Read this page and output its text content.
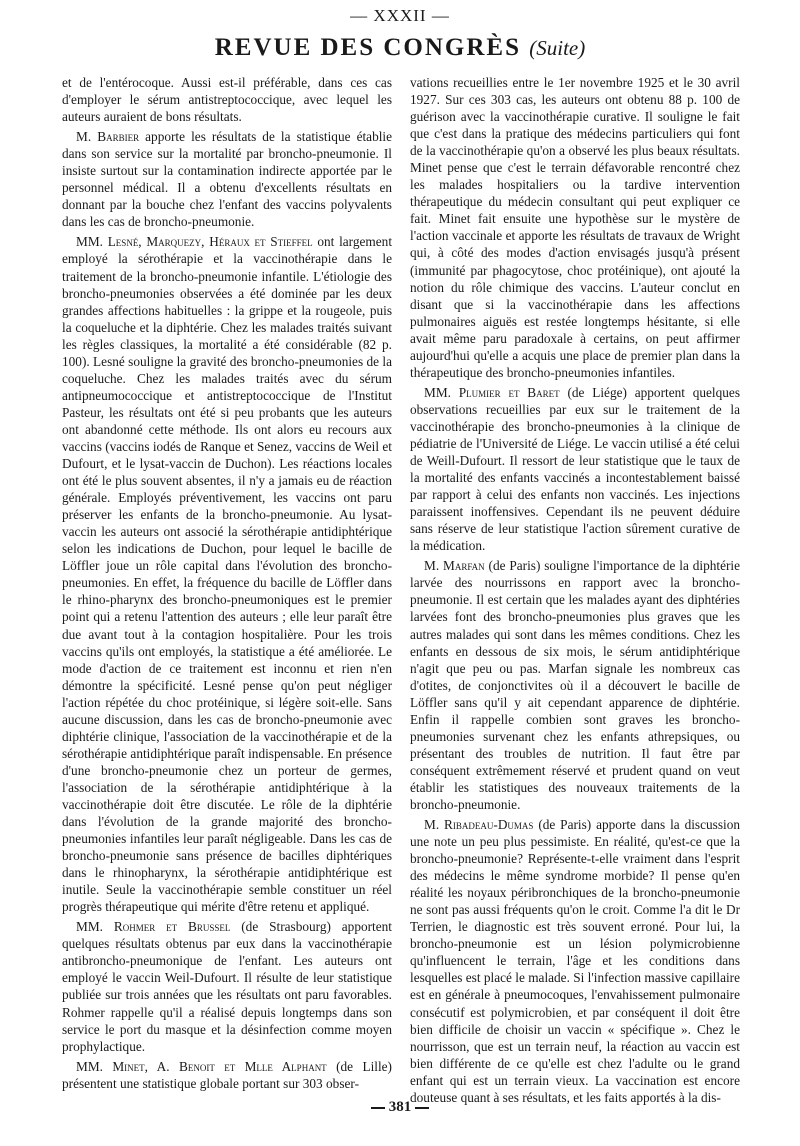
— XXXII —
REVUE DES CONGRÈS (Suite)

et de l'entérocoque. Aussi est-il préférable, dans ces cas d'employer le sérum antistreptococcique, avec lequel les auteurs auraient de bons résultats.

M. Barbier apporte les résultats de la statistique établie dans son service sur la mortalité par broncho-pneumonie. Il insiste surtout sur la contamination indirecte apportée par le personnel médical. Il a obtenu d'excellents résultats en donnant par la bouche chez l'enfant des vaccins polyvalents dans les cas de broncho-pneumonie.

MM. Lesné, Marquezy, Héraux et Stieffel ont largement employé la sérothérapie et la vaccinothérapie dans le traitement de la broncho-pneumonie infantile. L'étiologie des broncho-pneumonies observées a été dominée par les deux grandes affections habituelles : la grippe et la rougeole, puis la coqueluche et la diphtérie. Chez les malades traités suivant les règles classiques, la mortalité a été considérable (82 p. 100). Lesné souligne la gravité des broncho-pneumonies de la coqueluche. Chez les malades traités avec du sérum antipneumococcique et antistreptococcique de l'Institut Pasteur, les résultats ont été si peu probants que les auteurs ont abandonné cette méthode. Ils ont alors eu recours aux vaccins (vaccins iodés de Ranque et Senez, vaccins de Weil et Dufourt, et le lysat-vaccin de Duchon). Les réactions locales ont été le plus souvent absentes, il n'y a jamais eu de réaction générale. Employés préventivement, les vaccins ont paru préserver les enfants de la broncho-pneumonie. Au lysat-vaccin les auteurs ont associé la sérothérapie antidiphtérique selon les indications de Duchon, pour lequel le bacille de Löffler joue un rôle capital dans l'évolution des broncho-pneumonies. En effet, la fréquence du bacille de Löffler dans le rhino-pharynx des broncho-pneumoniques est le premier point qui a retenu l'attention des auteurs ; elle leur paraît être due avant tout à la contagion hospitalière. Pour les trois vaccins qu'ils ont employés, la statistique a été améliorée. Le mode d'action de ce traitement est inconnu et rien n'en démontre la spécificité. Lesné pense qu'on peut négliger l'action répétée du choc protéinique, si légère soit-elle. Sans aucune discussion, dans les cas de broncho-pneumonie avec diphtérie clinique, l'association de la vaccinothérapie et de la sérothérapie antidiphtérique paraît indispensable. En présence d'une broncho-pneumonie chez un porteur de germes, l'association de la sérothérapie antidiphtérique à la vaccinothérapie doit être discutée. Le rôle de la diphtérie dans l'évolution de la grande majorité des broncho-pneumonies infantiles leur paraît négligeable. Dans les cas de broncho-pneumonie sans présence de bacilles diphtériques dans le rhinopharynx, la sérothérapie antidiphtérique est inutile. Seule la vaccinothérapie semble constituer un réel progrès thérapeutique qui mérite d'être retenu et appliqué.

MM. Rohmer et Brussel (de Strasbourg) apportent quelques résultats obtenus par eux dans la vaccinothérapie antibroncho-pneumonique de l'enfant. Les auteurs ont employé le vaccin Weil-Dufourt. Il résulte de leur statistique publiée sur trois années que les résultats ont paru favorables. Rohmer rappelle qu'il a réalisé depuis longtemps dans son service le port du masque et la désinfection comme moyen prophylactique.

MM. Minet, A. Benoit et Mlle Alphant (de Lille) présentent une statistique globale portant sur 303 obser-

vations recueillies entre le 1er novembre 1925 et le 30 avril 1927. Sur ces 303 cas, les auteurs ont obtenu 88 p. 100 de guérison avec la vaccinothérapie curative. Il souligne le fait que c'est dans la pratique des médecins particuliers qui font de la vaccinothérapie qu'on a observé les plus beaux résultats. Minet pense que c'est le terrain défavorable rencontré chez les malades hospitaliers ou la tardive intervention thérapeutique du médecin consultant qui peut expliquer ce fait. Minet fait ensuite une hypothèse sur le mystère de l'action vaccinale et apporte les résultats de travaux de Wright qui, à côté des modes d'action envisagés jusqu'à présent (immunité par phagocytose, choc protéinique), ont ajouté la notion du rôle chimique des vaccins. L'auteur conclut en disant que si la vaccinothérapie dans les affections pulmonaires aiguës est restée longtemps hésitante, si elle avait même paru paradoxale à certains, on peut affirmer aujourd'hui qu'elle a acquis une place de premier plan dans la thérapeutique des broncho-pneumonies infantiles.

MM. Plumier et Baret (de Liége) apportent quelques observations recueillies par eux sur le traitement de la vaccinothérapie des broncho-pneumonies à la clinique de pédiatrie de l'Université de Liége. Le vaccin utilisé a été celui de Weill-Dufourt. Il ressort de leur statistique que le taux de la mortalité des enfants vaccinés a incontestablement baissé par rapport à celui des enfants non vaccinés. Les injections paraissent inoffensives. Cependant ils ne peuvent déduire sans réserve de leur statistique l'action sûrement curative de la médication.

M. Marfan (de Paris) souligne l'importance de la diphtérie larvée des nourrissons en rapport avec la broncho-pneumonie. Il est certain que les malades ayant des diphtéries larvées font des broncho-pneumonies plus graves que les autres malades qui sont dans les mêmes conditions. Chez les enfants en dessous de six mois, le sérum antidiphtérique n'agit que peu ou pas. Marfan signale les nombreux cas d'otites, de conjonctivites où il a découvert le bacille de Löffler sans qu'il y ait cependant apparence de diphtérie. Enfin il rappelle combien sont graves les broncho-pneumonies survenant chez les enfants athrepsiques, ou présentant des troubles de nutrition. Il faut être par conséquent extrêmement réservé et prudent quand on veut établir les statistiques des nouveaux traitements de la broncho-pneumonie.

M. Ribadeau-Dumas (de Paris) apporte dans la discussion une note un peu plus pessimiste. En réalité, qu'est-ce que la broncho-pneumonie? Représente-t-elle vraiment dans l'esprit des médecins le même syndrome morbide? Il pense qu'en réalité les noyaux péribronchiques de la broncho-pneumonie ne sont pas aussi fréquents qu'on le croit. Comme l'a dit le Dr Terrien, le diagnostic est très souvent erroné. Pour lui, la broncho-pneumonie est un lésion polymicrobienne qu'influencent le terrain, l'âge et les conditions dans lesquelles est placé le malade. Si l'infection massive capillaire est en générale à pneumocoques, l'envahissement pulmonaire consécutif est polymicrobien, et par conséquent il doit être bien difficile de choisir un vaccin « spécifique ». Chez le nourrisson, que est un terrain neuf, la réaction au vaccin est bien différente de ce qu'elle est chez l'adulte ou le grand enfant qui est un terrain vieux. La vaccination est encore douteuse quant à ses résultats, et les faits apportés à la dis-

381
